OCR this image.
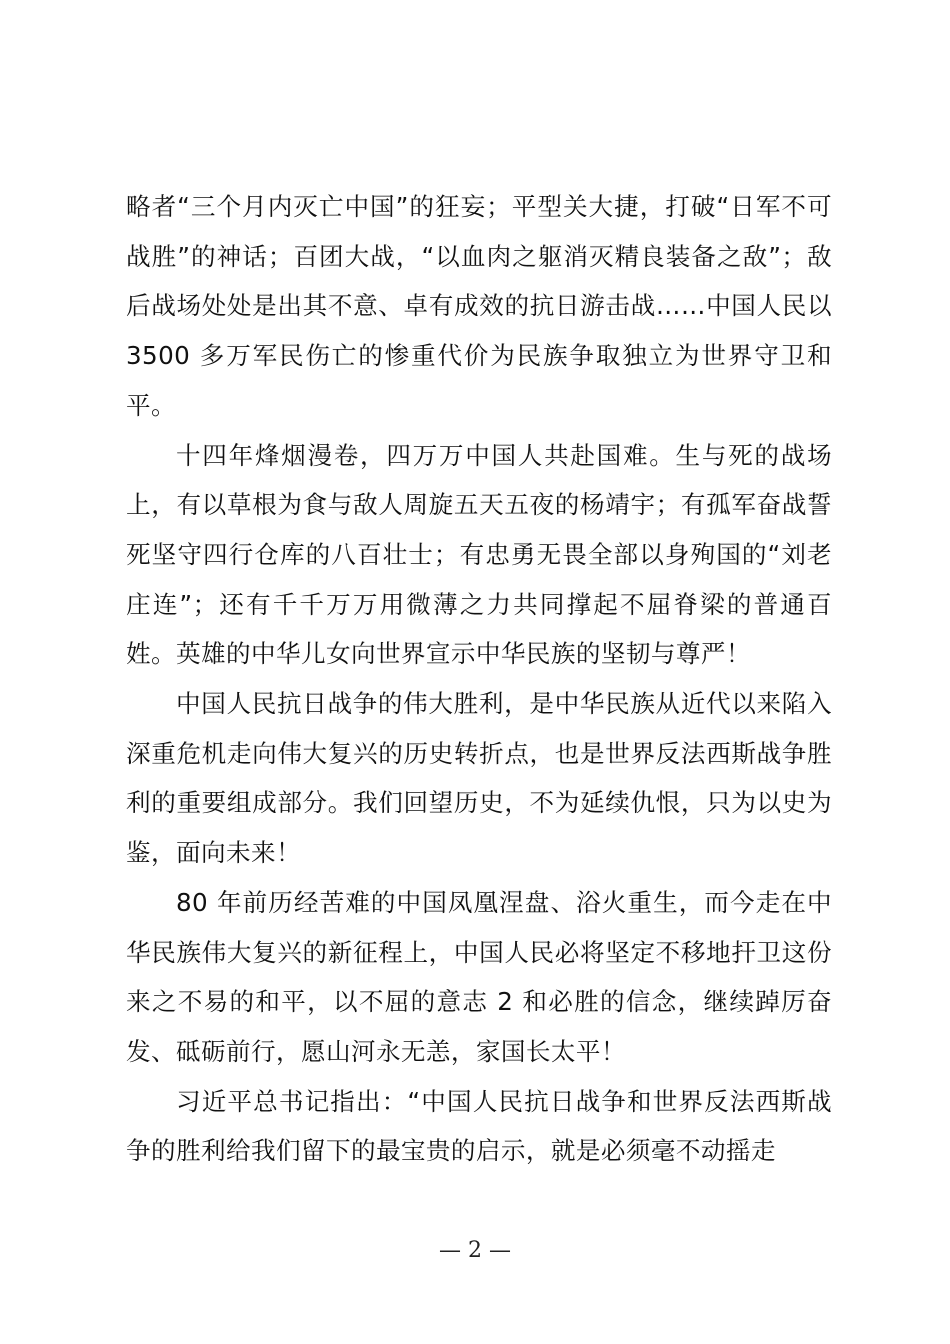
略者“三个月内灭亡中国”的狂妄；平型关大捷，打破“日军不可战胜”的神话；百团大战，“以血肉之躯消灭精良装备之敌”；敌后战场处处是出其不意、卓有成效的抗日游击战……中国人民以 3500 多万军民伤亡的惨重代价为民族争取独立为世界守卫和平。

十四年烽烟漫卷，四万万中国人共赴国难。生与死的战场上，有以草根为食与敌人周旋五天五夜的杨靖宇；有孤军奋战誓死坚守四行仓库的八百壮士；有忠勇无畏全部以身殉国的“刘老庄连”；还有千千万万用微薄之力共同撑起不屈脊梁的普通百姓。英雄的中华儿女向世界宣示中华民族的坚韧与尊严！

中国人民抗日战争的伟大胜利，是中华民族从近代以来陷入深重危机走向伟大复兴的历史转折点，也是世界反法西斯战争胜利的重要组成部分。我们回望历史，不为延续仇恨，只为以史为鉴，面向未来！

80 年前历经苦难的中国凤凰涅盘、浴火重生，而今走在中华民族伟大复兴的新征程上，中国人民必将坚定不移地扞卫这份来之不易的和平，以不屈的意志 2 和必胜的信念，继续踔厉奋发、砥砺前行，愿山河永无恙，家国长太平！

习近平总书记指出：“中国人民抗日战争和世界反法西斯战争的胜利给我们留下的最宝贵的启示，就是必须毫不动摇走

— 2 —
